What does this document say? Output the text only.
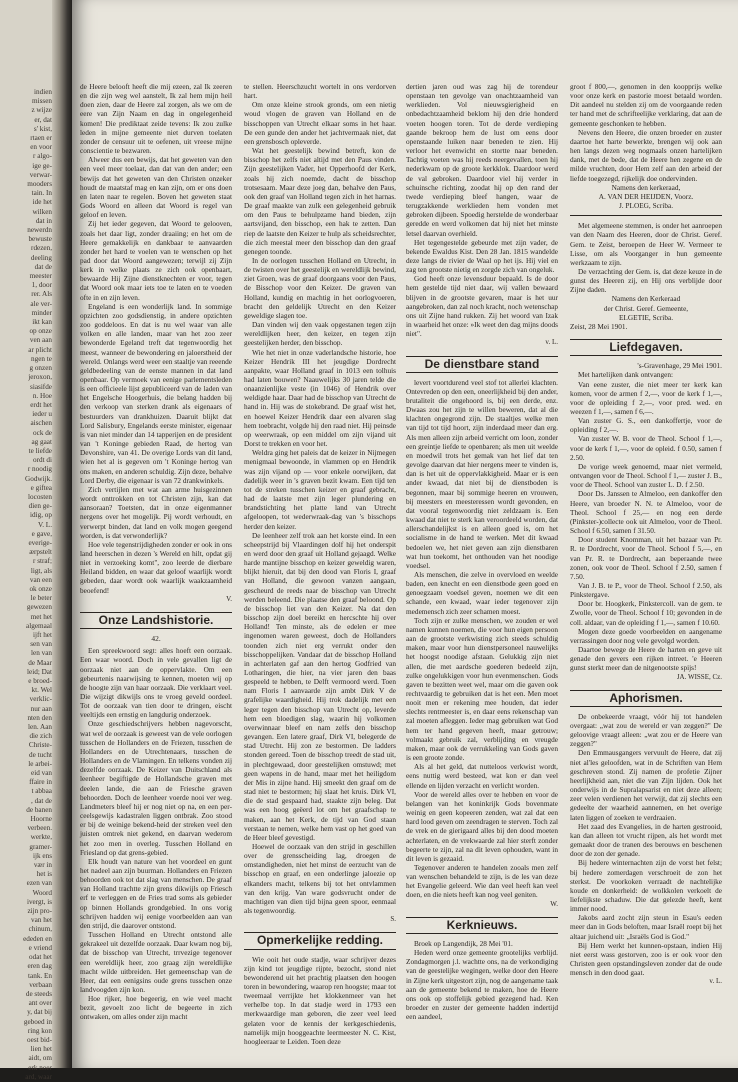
indien
missen
z wijze
er, dat
s' kist,
rtaen er
en voor
r algo-
ige ge-
verwar-
mooders
tain. In
ide het
wilken
dat in
newerdn
bewuste
rdezen,
deeling
dat de
meester
1, door
rer. Als
ale ver-
minder
ikt kan
op onze
ven aan
ar plicht
ngen te
g onzen
jeroxon,
siasifde
n. Hoe
erdt het
ieder u
aischen
ock de
ag gaat
te liefde
ordt di
r noodig
Godwijk.
e giftea
locosten
dien ge-
idig, op
V. L.
e gave,
everige-
ærpstelt
r straf;
ligt, als
van een
ok onze
le beter
gewezen
met het
algemaal
ijft het
sen van
len van
de Maar
leid; Dat
e broed-
kt. Wel
verklic-
nur aan
nten den
len. Aan
die zich
Christe-
de tucht
le arbei-
eid van
ffaire in
t abbaa
, dat de
de banen
Hoorne
verbeen.
werkte,
gramer-
ijk ens
vær in
het is
ezen van
Woord
ivergt, is
zijn pro-
van het
chinum,
ededen en
e vriend
odat het
eren dag
tank. En
verbaan
de steeds
ant over
y, dat bij
geboed in
ring kon
oest bid-
lien het
aidt, om
erk noer
ard, waar

de Heere belooft heeft die mij ezeen, zal Ik zeeren en die zijn weg wel aanstelt, Ik zal hem mijn heil doen zien, daar de Heere zal zorgen, als we om de eere van Zijn Naam en dag in ongelegenheid komen! Die prediktaat zeide tevens: Ik zou zulke leden in mijne gemeente niet durven toelaten zonder de censuur uit te oefenen, uit vreese mijne conscientie te bezwaren.

Alweer dus een bewijs, dat het geweten van den een veel meer toelaat, dan dat van den ander; een bewijs dat het geweten van den Christen onzeker houdt de maatstaf mag en kan zijn, om er ons doen en laten naar te regelen. Boven het geweten staat Gods Woord en alleen dat Woord is regel van geloof en leven.

Zij het ieder gegeven, dat Woord te gelooven, zoals het daar ligt, zonder draaiing; en het om de Heere gemakkelijk en dankbaar te aanvaarden zonder het hard te voelen van te wenschen op het pad door dat Woord aangewezen; terwijl zij Zijn kerk in welke plaats ze zich ook openbaart, bewaarde Hij Zijne dienstknechten er voor, tegen dat Woord ook maar iets toe te laten en te voeden ofte in en zijn leven.

Engeland is een wonderlijk land. In sommige opzichten zoo godsdienstig, in andere opzichten zoo goddeloos. En dat is nu wel waar van alle volken en alle landen, maar van het zoo zeer bewonderde Egeland treft dat tegenwoordig het meest, wanneer de bewondering en jaloerstheid der wereld. Onlangs werd weer een staaltje van reeende geldbedeeling van de eenste mannen in dat land openbaar. Op vermoek van eenige parlementsleden is een officieele lijst gepubliceerd van de laden van het Engelsche Hoogerhuis, die belang hadden bij den verkoop van sterken drank als eigenaars of bestuurders van drankhuizen. Daaruit blijkt dat Lord Salisbury, Engelands eerste minister, eigenaar is van niet minder dan 14 tapperijen en de president van 't Koninge gebieden Raad, de hertog van Devonshire, van 41. De overige Lords van dit land, wien het al is gegeven om 't Koninge hertog van ons maken, en anderen schuldig. Zijn deze, behalve Lord Derby, die eigenaar is van 72 drankwinkels.

Zich vertijlen met wat aan arme huisgezinnen wordt onttrokken en tot Christen zijn, kan dat aansoraan? Toetsten, dat in onze eigenmanner nergens over het mogelijk. Pij wordt verhoudt, en verwerpt binden, dat land en volk mogen geegend worden, is dat verwonderlijk?

Hoe vele tegenstrijdigheden zonder er ook in ons land heerschen in dezen 's Wereld en hilt, opdat gij niet in verzoeking komt", zoo leerde de dierbare Heiland bidden, en waar dat geloof waarlijk wordt gebeden, daar wordt ook waarlijk waakzaamheid beoefend!

V.

Onze Landshistorie.
42.

Een spreekwoord segt: alles hoeft een oorzaak. Een waar woord. Doch in vele gevallen ligt de oorzaak niet aan de oppervlakte. Om een gebeurtenis naarwijsing te kennen, moeten wij op de hoogte zijn van haar oorzaak. Die verklaart veel. Die wijzigt dikwijls ons te vroeg geveld oordeel. Tot de oorzaak van tien door te dringen, eischt veeltijds een ernstig en langdurig onderzoek.

Onze geschiedschrijvers hebben nagevorscht, wat wel de oorzaak is geweest van de vele oorlogen tusschen de Hollanders en de Friezen, tusschen de Hollanders en de Utrechtenaars, tusschen de Hollanders en de Vlamingen. En telkens vonden zij dezelfde oorzaak. De Keizer van Duitschland als leenheer begiftigde de Hollandsche graven met deelen lande, die aan de Friesche graven behoorden. Doch de leenheer voerde nooi ver weg. Landmeters bleef hij er nog niet op na, en een per-ceelsgewijs kadastralen liggen ontbrak. Zoo stood er bij de weinige bekend-heid der streken veel den juisten omtrek niet gekend, en daarvan wederom het zoo men in overleg. Tusschen Holland en Friesland op dat grens-gebied.

Elk houdt van nature van het voordeel en gunt het nadeel aan zijn buurman. Hollanders en Friezen behoorden ook tot dat slag van menschen. De graaf van Holland trachtte zijn grens dikwijls op Friesch erf te verleggen en de Fries trad soms als gebieder op binnen Hollands grondgebied. In ons vorig schrijven hadden wij eenige voorbeelden aan van den strijd, die daarover ontstond.

Tusschen Holland en Utrecht ontstond alle gekrakeel uit dezelfde oorzaak. Daar kwam nog bij, dat de bisschop van Utrecht, trrvezige tegenover een wereldlijk heer, zoo graag zijn wereldlijke macht wilde uitbreiden. Het gemeenschap van de Heer, dat een eenigsins oude grens tusschen onze landvoogden zijn kon.

Hoe rijker, hoe begeerig, en wie veel macht bezit, gevoelt zoo licht de begeerte in zich ontwaken, om alles onder zijn macht

te stellen. Heerschzucht wortelt in ons verdorven hart.

Om onze kleine strook gronds, om een nietig woud vlogen de graven van Holland en de bisschoppen van Utrecht elkaar soms in het haar. De een gunde den ander het jachtvermaak niet, dat een grensbosch opleverde.

Wat het geestelijk bewind betreft, kon de bisschop het zelfs niet altijd met den Paus vinden. Zijn geestelijken Vader, het Opperhoofd der Kerk, zoals hij zich noemde, dacht de bisschop trotsesaam. Maar deze joeg dan, behalve den Paus, ook den graaf van Holland tegen zich in het harnas. De graaf maakte van zulk een gelegenheid gebruik om den Paus te behulpzame hand bieden, zijn aartsvijand, den bisschop, een hak te zetten. Dan riep de laatste den Keizer te hulp als scheidsrechter, die zich meestal meer den bisschop dan den graaf genegen toonde.

In de oorlogen tusschen Holland en Utrecht, in de twisten over het geestelijk en wereldlijk bewind, ziet Groen, was de graaf doorgaans voor den Paus, de Bisschop voor den Keizer. De graven van Holland, kundig en machtig in het oorlogvoeren, bracht den geldelijk Utrecht en den Keizer geweldige slagen toe.

Dan vinden wij den vaak opgestanen tegen zijn wereldlijken heer, den keizer, en tegen zijn geestelijken herder, den bisschop.

Wie het niet in onze vaderlandsche historie, hoe Keizer Hendrik III het jeugdige Dordrecht aanpakte, waar Holland graaf in 1013 een tolhuis had laten bouwen? Naauwelijks 30 jaren telde die onaanzienlijke veste (in 1046) of Hendrik over weldigde haar. Daar had de bisschop van Utrecht de hand in. Hij was de stokebrand. De graaf wist het, en hoewel Keizer Hendrik daar een alvaren slag hem toebracht, volgde hij den raad niet. Hij peinsde op weerwraak, op een middel om zijn vijand uit Dorst te trekken en voor het.

Weldra ging het paleis dat de keizer in Nijmegen menigmaal bewoonde, in vlammen op en Hendrik was zijn vijand op — voor enkele oorwijken, dat dadelijk weer in 's graven bezit kwam. Een tijd ten tot de streken tusschen keizer en graaf gebracht, had de laatste met zijn leger plundering en brandstichting het platte land van Utrecht afgeloopen, tot wederwraak-dag van 's bisschops herder den keizer.

De leenheer zelf trok aan het korste eind. In een scheepstrijd bij Vlaardingen dolf hij het onderspit en werd door den graaf uit Holland gejaagd. Welke harde mantijne bisschop en keizer geweldig waren, blijkt hieruit, dat bij den dood van Floris I, graaf van Holland, die gewoon vanzen aangaan, gescheurd de reeds naar de bisschop van Utrecht werden beleend. Die plaatse den graaf beloond. Op de bisschop liet van den Keizer. Na dat den bisschop zijn doel bereikt en hercschte hij over Holland! Ten minste, als de edelen er mee ingenomen waren geweest, doch de Hollanders toonden zich niet erg verrukt onder den bisschoppelijken. Vandaar dat de bisschop Holland in achterlaten gaf aan den hertog Godfried van Lotharingen, die hier, na vier jaren den baas gespeeld te hebben, te Delft vermoord werd. Toen nam Floris I aanvaarde zijn ambt Dirk V de grafelijke waardigheid. Hij trok dadelijk met een leger tegen den bisschop van Utrecht op, leverde hem een bloedigen slag, waarin hij volkomen overwinnaar bleef en nam zelfs den bisschop gevangen. Een latere graaf, Dirk VI, belegerde de stad Utrecht. Hij zon ze bestormen. De ladders stonden gereed. Toen de bisschop treedt de stad uit, in plechtgewaad, door geestelijken omstuwd; met geen wapens in de hand, maar met het heiligdom der Mis in zijne hand. Hij smeekt den graaf om de stad niet te bestormen; hij slaat het kruis. Dirk VI, die de stad gespaard had, staakte zijn beleg. Dat was een hoog geëerd lot om het graafschap te maken, aan het Kerk, de tijd van God staan verstaan te nemen, welke hem vast op het goed van de Heer bleef gevestigd.

Hoewel de oorzaak van den strijd in geschillen over de grensscheiding lag, droegen de omstandigheden, niet het minst de eerzucht van de bisschop en graaf, en een onderlinge jaloezie op elkanders macht, telkens bij tot het ontvlammen van den krijg. Van ware godsvrucht onder de machtigen van dien tijd bijna geen spoor, eenmaal als tegenwoordig.

S.

Opmerkelijke redding.

Wie ooit het oude stadje, waar schrijver dezes zijn kind tot jeugdige rijpte, bezocht, stond niet bewonderend uit het prachtig plaatsen den hoogen toren in bewondering, waarop ren hoogste; maar tot tweemaal verrijkte het klokkenmeer van het verhelbe top. In dat stadje werd in 1793 een merkwaardige man geboren, die zeer veel leed gelaten voor de kennis der kerkgeschiedenis, namelijk mijn hooggeachte leermeester N. C. Kist, hoogleeraar te Leiden. Toen deze

dertien jaren oud was zag hij de torendeur openstaan ten gevolge van onachtzaamheid van werklieden. Vol nieuwsgierigheid en onbedachtzaamheid beklom hij den drie honderd voeten hoogen toren. Tot de derde verdieping gaande bekroop hem de lust om eens door openstaande luiken naar beneden te zien. Hij verloor het evenwicht en stortte naar beneden. Tachtig voeten was hij reeds neergevallen, toen hij nederkwam op de groote kerkklok. Daardoor werd de val gebroken. Daardoor viel hij verder in schuinsche richting, zoodat hij op den rand der twede verdieping bleef hangen, waar de terugzakkende werklieden hem vonden met gebroken dijbeen. Spoedig herstelde de wonderbaar geredde en werd volkomen dat hij niet het minste letsel daarvan overhield.

Het tegengestelde gebeurde met zijn vader, de bekende Ewaldus Kist. Den 28 Jan. 1815 wandelde deze langs de rivier de Waal op het ijs. Hij viel en zag ten grootste nietig en zorgde zich van ongeluk.

God heeft onze levensduur bepaald. Is de door hem gestelde tijd niet daar, wij vallen bewaard blijven in de grootste gevaren, maar is het uur aangebroken, dan zal noch kracht, noch wetenschap ons uit Zijne hand rukken. Zij het woord van Izak in waarheid het onze: »Ik weet den dag mijns doods niet".

v. L.

De dienstbare stand

levert voortdurend veel stof tot allerlei klachten. Ontevreden op den een, oneerlijkheid bij den ander, brutaliteit die ongehoord is, bij een derde, enz. Dwaas zou het zijn te willen beweren, dat al die klachten ongegrond zijn. De staaltjes welke men van tijd tot tijd hoort, zijn inderdaad meer dan erg. Als men alleen zijn arbeid verricht om loon, zonder een greintje liefde te openbaren; als men uit weelde en moedwil trots het gemak van het lief dat ten gevolge daarvan dat hier nergens meer te vinden is, dan is het uit de oppervlakkigheid. Maar er is een ander kwaad, dat niet bij de dienstboden is begonnen, maar bij sommige heeren en vrouwen, bij meesters en meesteressen wordt gevonden, en dat vooral tegenwoordig niet zeldzaam is. Een kwaad dat niet te sterk kan veroordeeld worden, dat allerschandelijkst is en alleen goed is, om het socialisme in de hand te werken. Met dit kwaad bedoelen we, het niet geven aan zijn dienstbaren wat hun toekomt, het onthouden van het noodige voedsel.

Als menschen, die zelve in overvloed en weelde baden, een knecht en een dienstbode geen goed en genoegzaam voedsel geven, noemen we dit een schande, een kwaad, waar ieder tegenover zijn medemensch zich zeer schamen moest.

Toch zijn er zulke menschen, we zouden er wel namen kunnen noemen, die voor hun eigen persoon aan de grootste verkwisting zich steeds schuldig maken, maar voor hun dienstpersoneel nauwelijks het hoogst noodige afstaan. Gelukkig zijn niet allen, die met aardsche goederen bedeeld zijn, zulke ongelukkigen voor hun evenmenschen. Gods gaven te bezitten weet wel, maar om die gaven ook rechtvaardig te gebruiken dat is het een. Men moet nooit men er rekening mee houden, dat ieder slechts rentmeester is, en daar eens rekenschap van zal moeten afleggen. Ieder mag gebruiken wat God hem ter hand gegeven heeft, maar getrouw; volmaakt gebruik zal, verblijding en vreugde maken, maar ook de verrukkeling van Gods gaven is een groote zonde.

Als al het geld, dat nutteloos verkwist wordt, eens nuttig werd besteed, wat kon er dan veel ellende en lijden verzacht en verlicht worden.

Voor de wereld alles over te hebben en voor de belangen van het koninkrijk Gods bovenmate weinig en geen kopeeren zenden, wat zal dat een hard lood geven om zeendragen te sterven. Toch zal de vrek en de gierigaard alles bij den dood moeten achterlaten, en de vrekwaarde zal hier sterft zonder begeerte te zijn, zal na dit leven ophouden, want in dit leven is gezaaid.

Tegenover anderen te handelen zooals men zelf van wenschen behandeld te zijn, is de les van deze het Evangelie geleerd. Wie dan veel heeft kan veel doen, en die niets heeft kan nog veel geniten.

W.

Kerknieuws.

Broek op Langendijk, 28 Mei '01.

Heden werd onze gemeente grootelijks verblijd. Zondagmorgen j.l. wachtte ons, na de verkondiging van de geestelijke wegingen, welke door den Heere in Zijne kerk uitgestort zijn, nog de aangename taak aan de gemeente bekend te maken, hoe de Heere ons ook op stoffelijk gebied gezegend had. Ken broeder en zuster der gemeente hadden indertijd een aandeel,

groot f 800,—, genomen in den koopprijs welke voor onze kerk en pastorie moest betaald worden. Dit aandeel nu stelden zij om de voorgaande reden ter hand met de schrifteelijke verklaring, dat aan de gemeente geschonken te hebben.

Nevens den Heere, die onzen broeder en zuster daartoe het harte bewerkte, brengen wij ook aan hen langs dezen weg nogmaals onzen hartelijken dank, met de bede, dat de Heere hen zegene en de milde vruchten, door Hem zelf aan den arbeid der liefde toegezegd, rijkelijk doe ondervinden.

Namens den kerkeraad,

A. VAN DER HEIJDEN, Voorz.

J. PLOEG, Scriba.

Met algemeene stemmen, is onder het aanroepen van den Naam des Heeren, door de Christ. Geref. Gem. te Zeist, beroepen de Heer W. Vermeer te Lisse, om als Voorganger in hun gemeente werkzaam te zijn.

De verzachting der Gem. is, dat deze keuze in de gunst des Heeren zij, en Hij ons verblijde door Zijne daden.

Namens den Kerkeraad

der Christ. Geref. Gemeente,

ELGETIE, Scriba.

Zeist, 28 Mei 1901.

Liefdegaven.

's-Gravenhage, 29 Mei 1901.

Met hartelijken dank ontvangen:

Van eene zuster, die niet meer ter kerk kan komen, voor de armen f 2,—, voor de kerk f 1,—, voor de opleiding f 2,—, voor pred. wed. en weezen f 1,—, samen f 6,—.

Van zuster G. S., een dankoffertje, voor de opleiding f 2,—.

Van zuster W. B. voor de Theol. School f 1,—, voor de kerk f 1,—, voor de opleid. f 0.50, samen f 2.50.

De vorige week genoemd, maar niet vermeld, ontvangen voor de Theol. School f 1,— zuster J. B., voor de Theol. School van zuster L. D. f 2.50.

Door Ds. Janssen te Almeloo, een dankoffer den Heere, van broeder N. N. te Almeloo, voor de Theol. School f 25,— en nog een derde (Pinkster-)collecte ook uit Almeloo, voor de Theol. School f 6.50, samen f 31.50.

Door student Knomman, uit het bazaar van Pr. R. te Dordrecht, voor de Theol. School f 5,—, en van Pr. R. te Dordrecht, aan beperaande twee zonen, ook voor de Theol. School f 2.50, samen f 7.50.

Van J. B. te P., voor de Theol. School f 2.50, als Pinkstergave.

Door br. Hoogkerk, Pinkstercoll. van de gem. te Zwolle, voor de Theol. School f 10; gevonden in de coll. aldaar, van de opleiding f 1,—, samen f 10.60.

Mogen deze goede voorbeelden en aangename verrassingen door nog vele gevolgd worden.

Daartoe bewege de Heere de harten en geve uit genade den gevers een rijken intreet. 'e Heeren gunst sterkt meer dan de nitgenootste spijs!

JA. WISSE, Cz.

Aphorismen.

De onbekeerde vraagt, vóór hij tot handelen overgaat: „wat zou de wereld er van zeggen?" De geloovige vraagt alleen: „wat zou er de Heere van zeggen?"

Den Emmausgangers vervuult de Heere, dat zij niet al'les geloofden, wat in de Schriften van Hem geschreven stond. Zij namen de profetie Zijner heerlijkheid aan, niet die van Zijn lijden. Ook het onderwijs in de Supralapsarist en niet deze alleen; zeer velen verdienen het verwijt, dat zij slechts een gedeelte der waarheid aannemen, en het overige laten liggen of zoeken te verdraaien.

Het zaad des Evangelies, in de harten gestrooid, kan dan alleen tot vrucht rijpen, als het wordt met gemaakt door de tranen des berouws en beschenen door de zon der genade.

Bij hedere winternachten zijn de vorst het felst; bij hedere zomerdagen verschroeit de zon het sterkst. De voorkoken verraadt de nachtelijke koude en donkerheid: de wolkkolen verkoelt de liefelijkste schaduw. Die dat gelezde heeft, kent immer nood.

Jakobs aard zocht zijn steun in Esau's eeden meer dan in Gods beloften, maar Israël roept bij het altaar juichend uit: „Israëls God is God."

Bij Hem werkt het kunnen-opstaan, indien Hij niet eerst wass gestorven, zoo is er ook voor den Christen geen opstandingsleven zonder dat de oude mensch in den dood gaat.

v. L.
